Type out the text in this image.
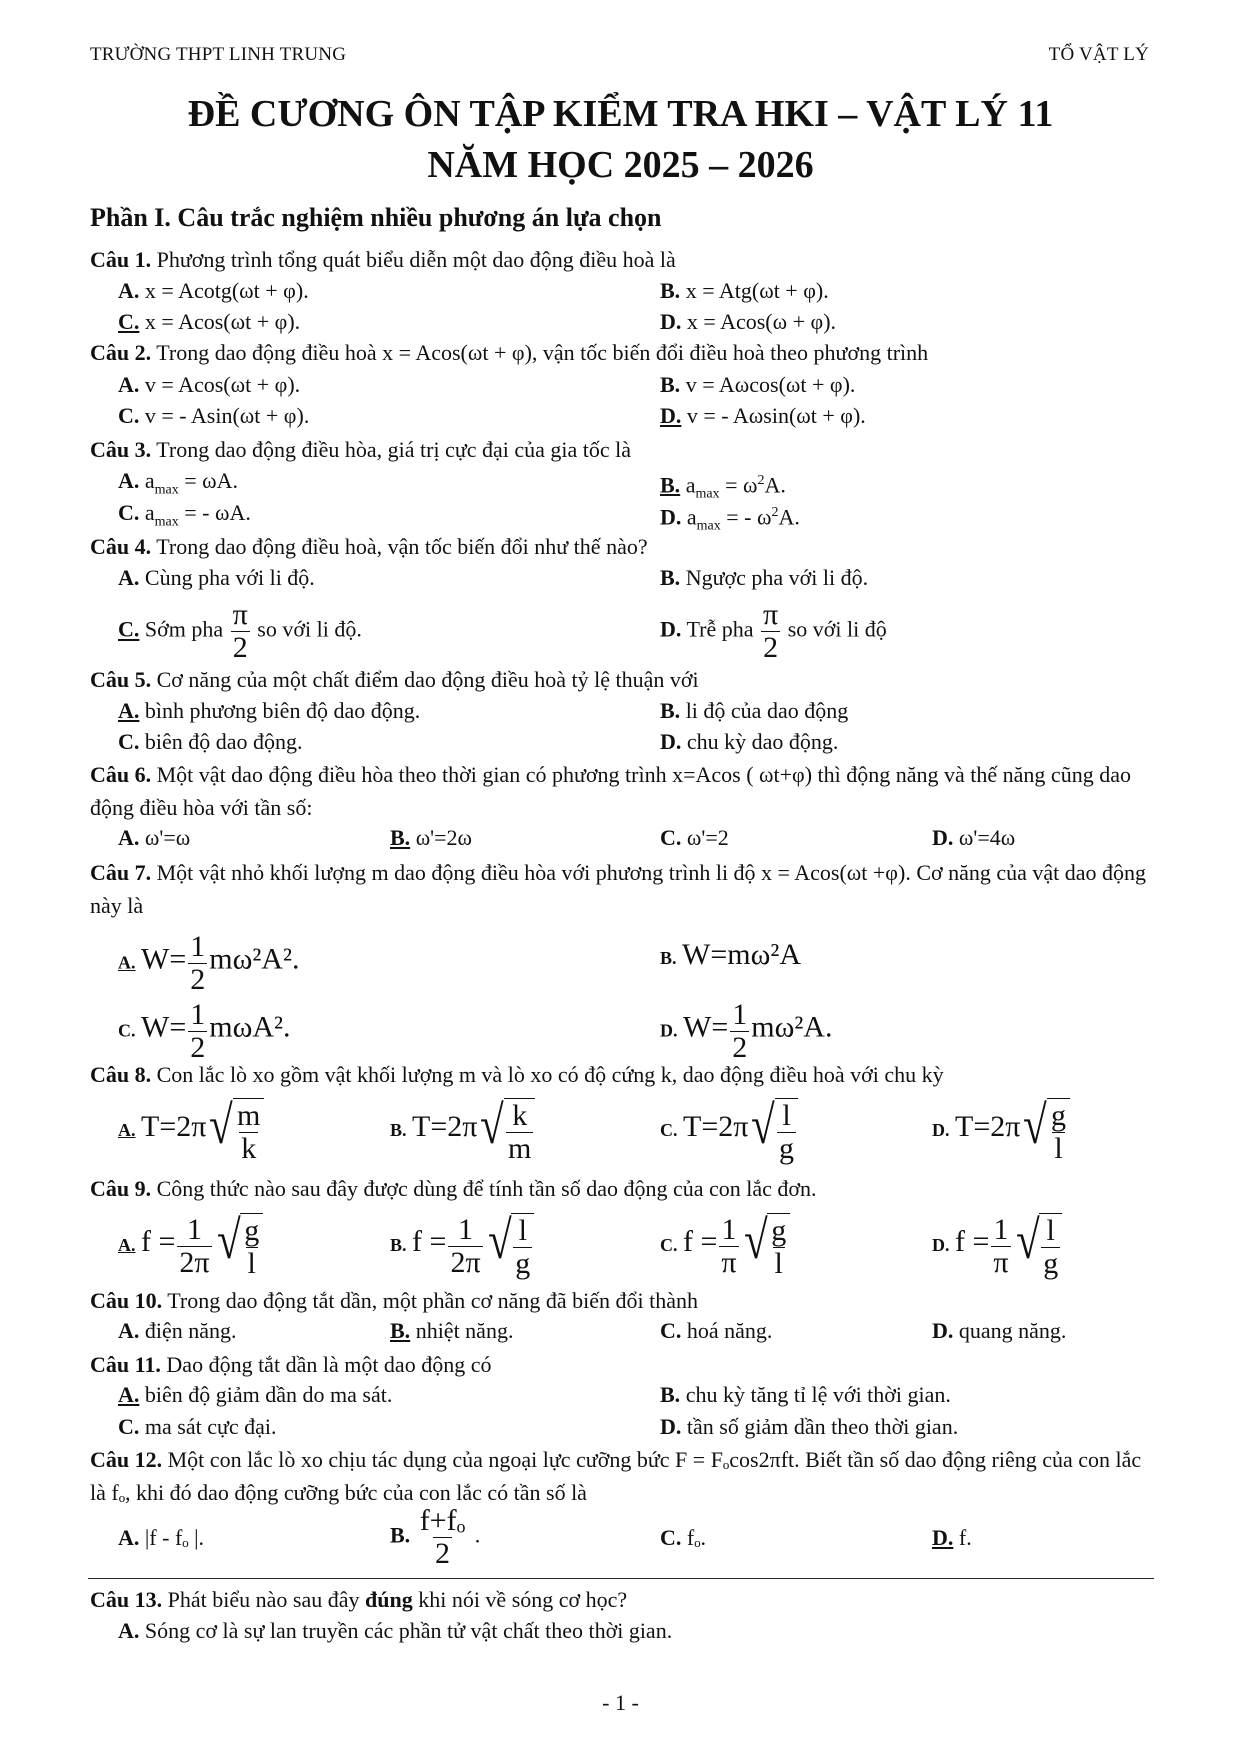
TRƯỜNG THPT LINH TRUNG	TỔ VẬT LÝ
ĐỀ CƯƠNG ÔN TẬP KIỂM TRA HKI – VẬT LÝ 11
NĂM HỌC 2025 – 2026
Phần I. Câu trắc nghiệm nhiều phương án lựa chọn
Câu 1. Phương trình tổng quát biểu diễn một dao động điều hoà là
A. x = Acotg(ωt + φ).	B. x = Atg(ωt + φ).
C. x = Acos(ωt + φ).	D. x = Acos(ω + φ).
Câu 2. Trong dao động điều hoà x = Acos(ωt + φ), vận tốc biến đổi điều hoà theo phương trình
A. v = Acos(ωt + φ).	B. v = Aωcos(ωt + φ).
C. v = - Asin(ωt + φ).	D. v = - Aωsin(ωt + φ).
Câu 3. Trong dao động điều hòa, giá trị cực đại của gia tốc là
A. $a_{max} = \omega A$.	B. $a_{max} = \omega^2A$.
C. $a_{max}$ = - ωA.	D. $a_{max}$ = - $\omega^2A$.
Câu 4. Trong dao động điều hoà, vận tốc biến đổi như thế nào?
A. Cùng pha với li độ.	B. Ngược pha với li độ.
C. Sớm pha $\frac{\pi}{2}$ so với li độ.	D. Trễ pha $\frac{\pi}{2}$ so với li độ
Câu 5. Cơ năng của một chất điểm dao động điều hoà tỷ lệ thuận với
A. bình phương biên độ dao động.	B. li độ của dao động
C. biên độ dao động.	D. chu kỳ dao động.
Câu 6. Một vật dao động điều hòa theo thời gian có phương trình x=Acos ( ωt+φ) thì động năng và thế năng cũng dao động điều hòa với tần số:
A. ω'=ω	B. ω'=2ω	C. ω'=2	D. ω'=4ω
Câu 7. Một vật nhỏ khối lượng m dao động điều hòa với phương trình li độ x = Acos(ωt +φ). Cơ năng của vật dao động này là
A. $W= \frac{1}{2} m\omega^2A^2$.	B. W=mω²A
C. $W= \frac{1}{2} m\omega A^2$.	D. $W= \frac{1}{2} m\omega^2A$.
Câu 8. Con lắc lò xo gồm vật khối lượng m và lò xo có độ cứng k, dao động điều hoà với chu kỳ
A. T=2π √ $\frac{m}{k}$	B. T=2π √ $\frac{k}{m}$	C. T=2π √ $\frac{l}{g}$	D. T=2π √ $\frac{g}{l}$
Câu 9. Công thức nào sau đây được dùng để tính tần số dao động của con lắc đơn.
A. $f = \frac{1}{2\pi}$ √ $\frac{g}{l}$	B. $f = \frac{1}{2\pi}$ √ $\frac{l}{g}$	C. $f = \frac{1}{\pi}$ √ $\frac{g}{l}$	D. $f = \frac{1}{\pi}$ √ $\frac{l}{g}$
Câu 10. Trong dao động tắt dần, một phần cơ năng đã biến đổi thành
A. điện năng.	B. nhiệt năng.	C. hoá năng.	D. quang năng.
Câu 11. Dao động tắt dần là một dao động có
A. biên độ giảm dần do ma sát.	B. chu kỳ tăng tỉ lệ với thời gian.
C. ma sát cực đại.	D. tần số giảm dần theo thời gian.
Câu 12. Một con lắc lò xo chịu tác dụng của ngoại lực cưỡng bức F = Fₒcos2πft. Biết tần số dao động riêng của con lắc là fₒ, khi đó dao động cưỡng bức của con lắc có tần số là
A. |f - fₒ |.	B. $\frac{\text{f+fₒ}}{2}$ .	C. fₒ.	D. f.
Câu 13. Phát biểu nào sau đây đúng khi nói về sóng cơ học?
A. Sóng cơ là sự lan truyền các phần tử vật chất theo thời gian.
- 1 -
